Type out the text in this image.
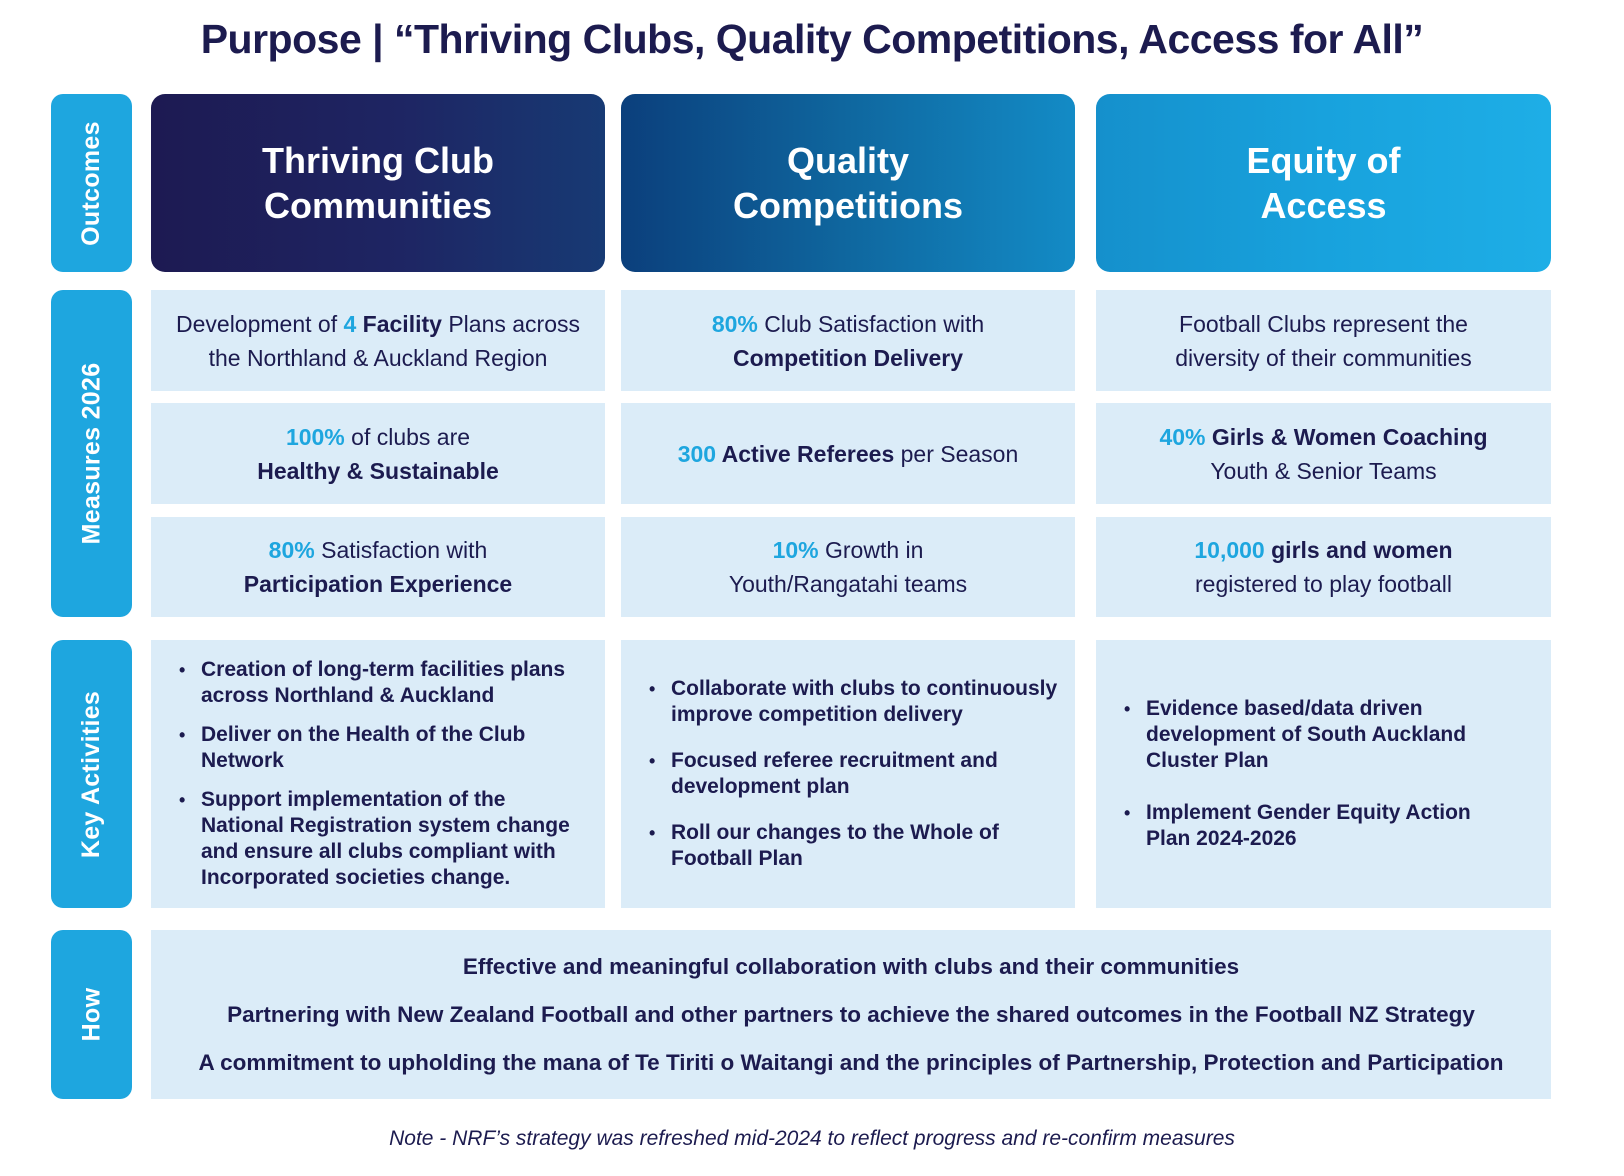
Purpose | “Thriving Clubs, Quality Competitions, Access for All”
Outcomes
Measures 2026
Key Activities
How
Thriving Club
Communities
Quality
Competitions
Equity of
Access
Development of 4 Facility Plans across
the Northland & Auckland Region
80% Club Satisfaction with
Competition Delivery
Football Clubs represent the
diversity of their communities
100% of clubs are
Healthy & Sustainable
300 Active Referees per Season
40% Girls & Women Coaching
Youth & Senior Teams
80% Satisfaction with
Participation Experience
10% Growth in
Youth/Rangatahi teams
10,000 girls and women
registered to play football
• Creation of long-term facilities plans
across Northland & Auckland
• Deliver on the Health of the Club
Network
• Support implementation of the
National Registration system change
and ensure all clubs compliant with
Incorporated societies change.
• Collaborate with clubs to continuously
improve competition delivery
• Focused referee recruitment and
development plan
• Roll our changes to the Whole of
Football Plan
• Evidence based/data driven
development of South Auckland
Cluster Plan
• Implement Gender Equity Action
Plan 2024-2026
Effective and meaningful collaboration with clubs and their communities
Partnering with New Zealand Football and other partners to achieve the shared outcomes in the Football NZ Strategy
A commitment to upholding the mana of Te Tiriti o Waitangi and the principles of Partnership, Protection and Participation
Note - NRF’s strategy was refreshed mid-2024 to reflect progress and re-confirm measures
